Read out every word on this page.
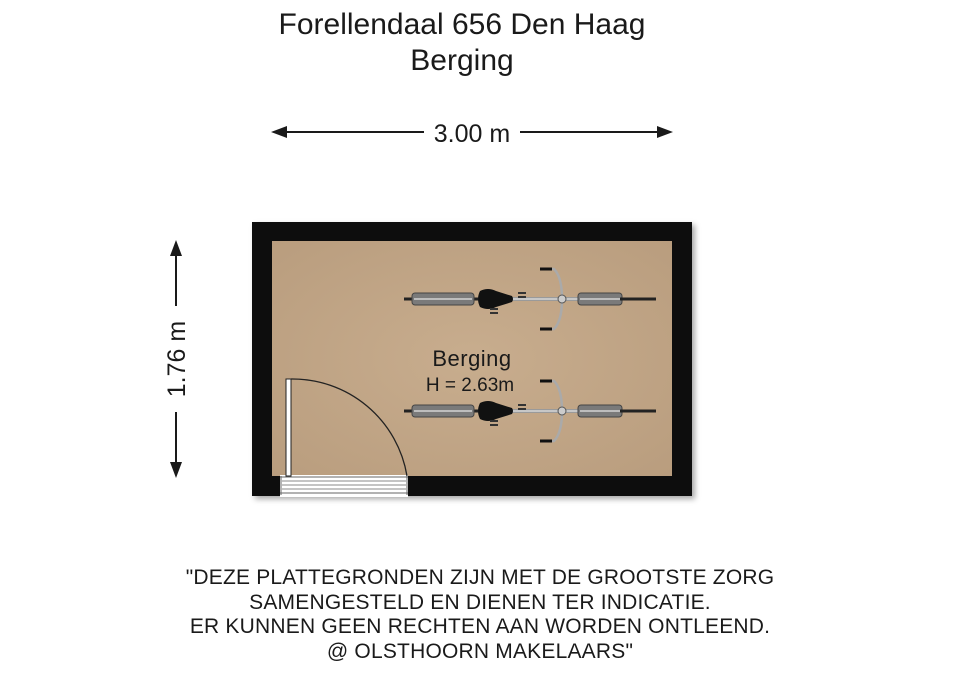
Forellendaal 656 Den Haag
Berging
3.00 m
1.76 m	Berging
H = 2.63m
"DEZE PLATTEGRONDEN ZIJN MET DE GROOTSTE ZORG
SAMENGESTELD EN DIENEN TER INDICATIE.
ER KUNNEN GEEN RECHTEN AAN WORDEN ONTLEEND.
@ OLSTHOORN MAKELAARS"
